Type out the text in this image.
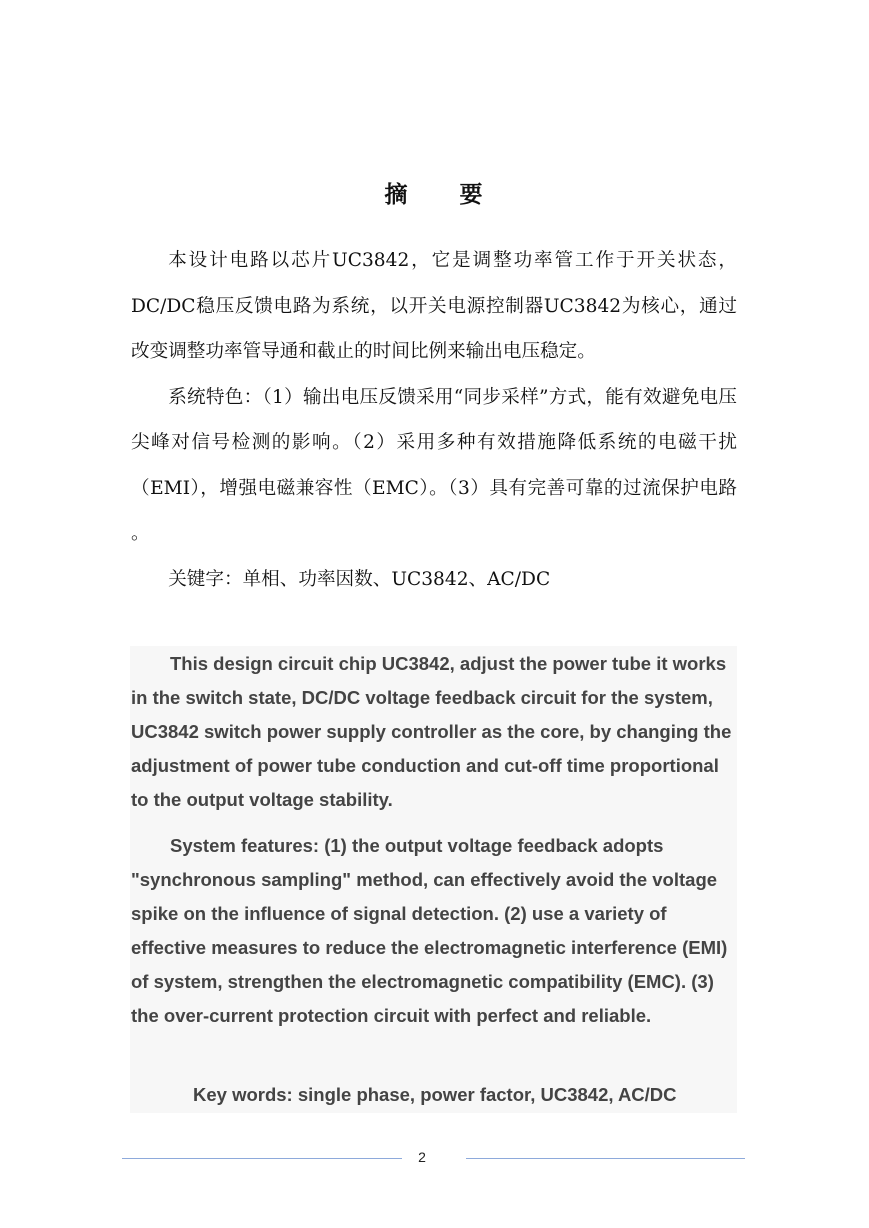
摘　　要

本设计电路以芯片UC3842，它是调整功率管工作于开关状态，DC/DC稳压反馈电路为系统，以开关电源控制器UC3842为核心，通过改变调整功率管导通和截止的时间比例来输出电压稳定。

系统特色：（1）输出电压反馈采用“同步采样”方式，能有效避免电压尖峰对信号检测的影响。（2）采用多种有效措施降低系统的电磁干扰（EMI），增强电磁兼容性（EMC）。（3）具有完善可靠的过流保护电路 。

关键字：单相、功率因数、UC3842、AC/DC

This design circuit chip UC3842, adjust the power tube it works in the switch state, DC/DC voltage feedback circuit for the system, UC3842 switch power supply controller as the core, by changing the adjustment of power tube conduction and cut-off time proportional to the output voltage stability.

System features: (1) the output voltage feedback adopts "synchronous sampling" method, can effectively avoid the voltage spike on the influence of signal detection. (2) use a variety of effective measures to reduce the electromagnetic interference (EMI) of system, strengthen the electromagnetic compatibility (EMC). (3) the over-current protection circuit with perfect and reliable.

Key words: single phase, power factor, UC3842, AC/DC

2
